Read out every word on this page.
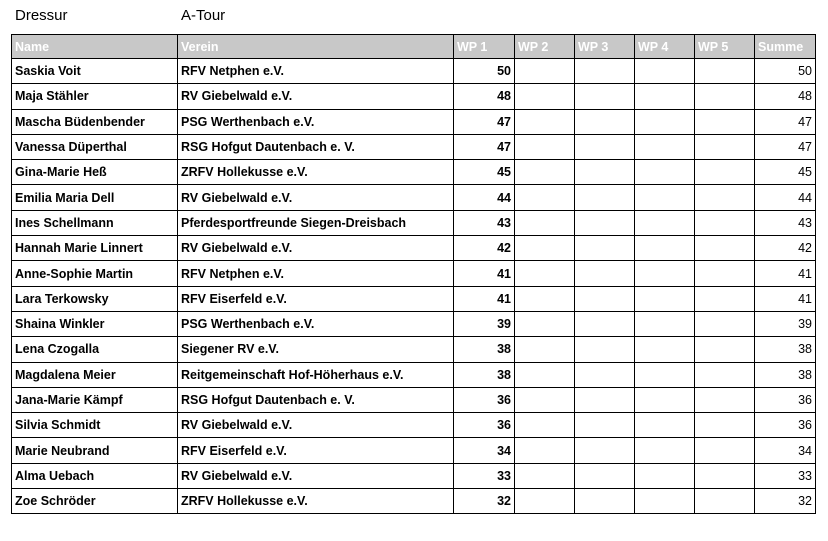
Dressur	A-Tour
Name	Verein	WP 1	WP 2	WP 3	WP 4	WP 5	Summe
Saskia Voit	RFV Netphen e.V.	50					50
Maja Stähler	RV Giebelwald e.V.	48					48
Mascha Büdenbender	PSG Werthenbach e.V.	47					47
Vanessa Düperthal	RSG Hofgut Dautenbach e. V.	47					47
Gina-Marie Heß	ZRFV Hollekusse e.V.	45					45
Emilia Maria Dell	RV Giebelwald e.V.	44					44
Ines Schellmann	Pferdesportfreunde Siegen-Dreisbach	43					43
Hannah Marie Linnert	RV Giebelwald e.V.	42					42
Anne-Sophie Martin	RFV Netphen e.V.	41					41
Lara Terkowsky	RFV Eiserfeld e.V.	41					41
Shaina Winkler	PSG Werthenbach e.V.	39					39
Lena Czogalla	Siegener RV e.V.	38					38
Magdalena Meier	Reitgemeinschaft Hof-Höherhaus e.V.	38					38
Jana-Marie Kämpf	RSG Hofgut Dautenbach e. V.	36					36
Silvia Schmidt	RV Giebelwald e.V.	36					36
Marie Neubrand	RFV Eiserfeld e.V.	34					34
Alma Uebach	RV Giebelwald e.V.	33					33
Zoe Schröder	ZRFV Hollekusse e.V.	32					32
